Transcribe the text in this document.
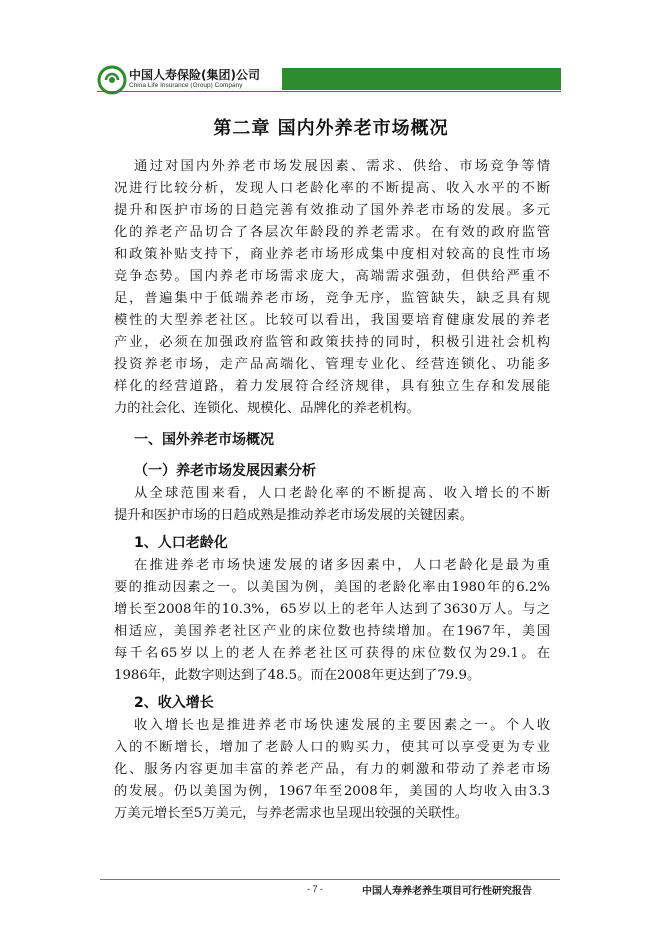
中国人寿保险(集团)公司
China Life Insurance (Group) Company
第二章 国内外养老市场概况
通过对国内外养老市场发展因素、需求、供给、市场竞争等情
况进行比较分析，发现人口老龄化率的不断提高、收入水平的不断
提升和医护市场的日趋完善有效推动了国外养老市场的发展。多元
化的养老产品切合了各层次年龄段的养老需求。在有效的政府监管
和政策补贴支持下，商业养老市场形成集中度相对较高的良性市场
竞争态势。国内养老市场需求庞大，高端需求强劲，但供给严重不
足，普遍集中于低端养老市场，竞争无序，监管缺失，缺乏具有规
模性的大型养老社区。比较可以看出，我国要培育健康发展的养老
产业，必须在加强政府监管和政策扶持的同时，积极引进社会机构
投资养老市场，走产品高端化、管理专业化、经营连锁化、功能多
样化的经营道路，着力发展符合经济规律，具有独立生存和发展能
力的社会化、连锁化、规模化、品牌化的养老机构。
一、国外养老市场概况
（一）养老市场发展因素分析
从全球范围来看，人口老龄化率的不断提高、收入增长的不断
提升和医护市场的日趋成熟是推动养老市场发展的关键因素。
1、人口老龄化
在推进养老市场快速发展的诸多因素中，人口老龄化是最为重
要的推动因素之一。以美国为例，美国的老龄化率由1980年的6.2%
增长至2008年的10.3%，65岁以上的老年人达到了3630万人。与之
相适应，美国养老社区产业的床位数也持续增加。在1967年，美国
每千名65岁以上的老人在养老社区可获得的床位数仅为29.1。在
1986年，此数字则达到了48.5。而在2008年更达到了79.9。
2、收入增长
收入增长也是推进养老市场快速发展的主要因素之一。个人收
入的不断增长，增加了老龄人口的购买力，使其可以享受更为专业
化、服务内容更加丰富的养老产品，有力的刺激和带动了养老市场
的发展。仍以美国为例，1967年至2008年，美国的人均收入由3.3
万美元增长至5万美元，与养老需求也呈现出较强的关联性。
- 7 -	中国人寿养老养生项目可行性研究报告
